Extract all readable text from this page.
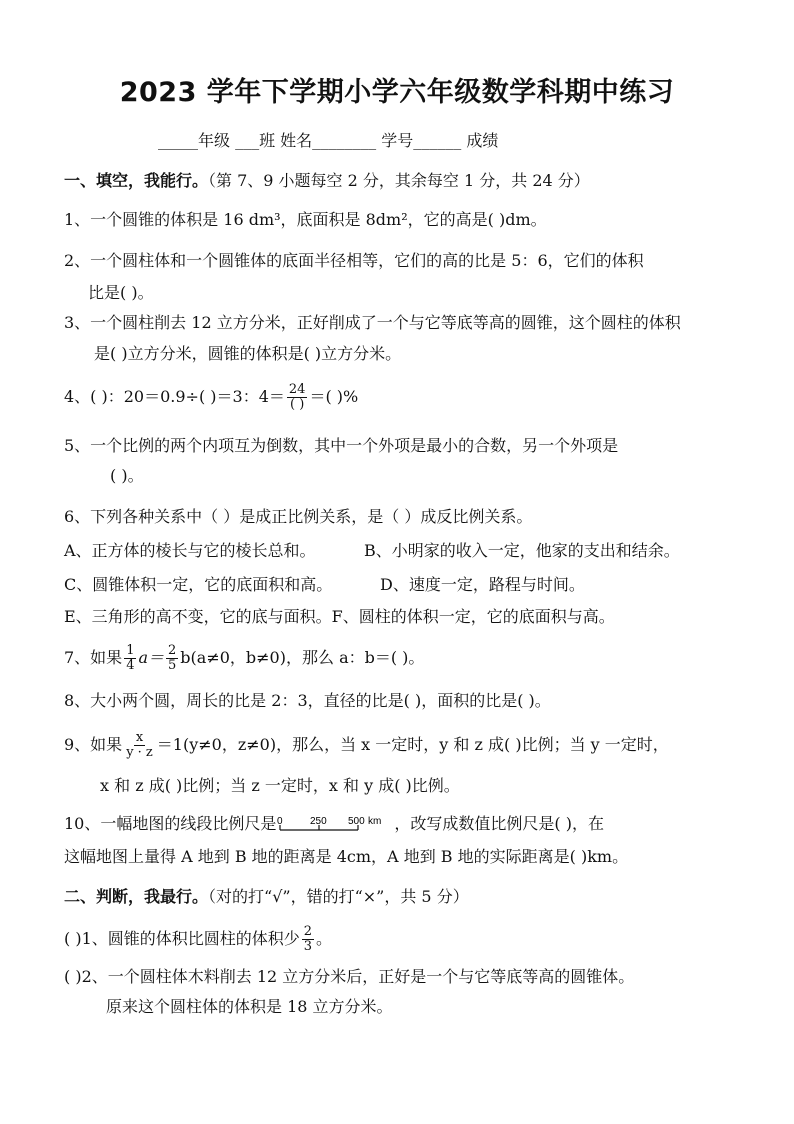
2023 学年下学期小学六年级数学科期中练习
_____年级 ___班 姓名________ 学号______ 成绩
一、填空，我能行。（第 7、9 小题每空 2 分，其余每空 1 分，共 24 分）
1、一个圆锥的体积是 16 dm³，底面积是 8dm²，它的高是( )dm。
2、一个圆柱体和一个圆锥体的底面半径相等，它们的高的比是 5：6，它们的体积
比是( )。
3、一个圆柱削去 12 立方分米，正好削成了一个与它等底等高的圆锥，这个圆柱的体积
是( )立方分米，圆锥的体积是( )立方分米。
4、( )：20＝0.9÷( )＝3：$4= \frac{24}{( )}$ ＝( )%
5、一个比例的两个内项互为倒数，其中一个外项是最小的合数，另一个外项是
( )。
6、下列各种关系中（ ）是成正比例关系，是（ ）成反比例关系。
A、正方体的棱长与它的棱长总和。	B、小明家的收入一定，他家的支出和结余。
C、圆锥体积一定，它的底面积和高。	D、速度一定，路程与时间。
E、三角形的高不变，它的底与面积。F、圆柱的体积一定，它的底面积与高。
7、如果 $\frac{1}{4} a= \frac{2}{5} b(a\ne 0$，b≠0)，那么 a：b＝( )。
8、大小两个圆，周长的比是 2：3，直径的比是( )，面积的比是( )。
9、如果 $\frac{x}{y \cdot z} =1(y\ne 0$，z≠0)，那么，当 x 一定时，y 和 z 成( )比例；当 y 一定时，
x 和 z 成( )比例；当 z 一定时，x 和 y 成( )比例。
10、一幅地图的线段比例尺是 0	250 500 km ，改写成数值比例尺是( )，在
这幅地图上量得 A 地到 B 地的距离是 4cm，A 地到 B 地的实际距离是( )km。
二、判断，我最行。（对的打“√”，错的打“×”，共 5 分）
( )1、圆锥的体积比圆柱的体积少 $\frac{2}{3}$ 。
( )2、一个圆柱体木料削去 12 立方分米后，正好是一个与它等底等高的圆锥体。
原来这个圆柱体的体积是 18 立方分米。
